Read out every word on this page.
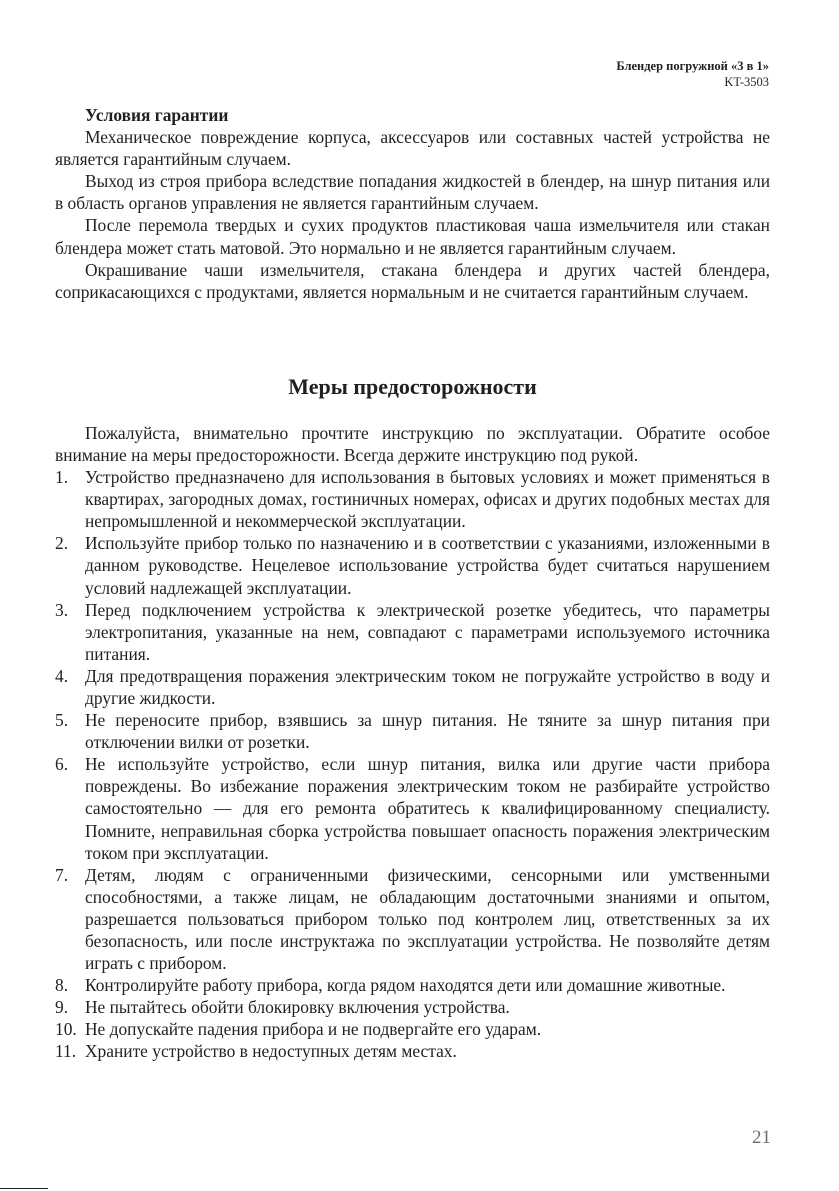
Блендер погружной «3 в 1»
KT-3503
Условия гарантии

Механическое повреждение корпуса, аксессуаров или составных частей устройства не является гарантийным случаем.

Выход из строя прибора вследствие попадания жидкостей в блендер, на шнур питания или в область органов управления не является гарантийным случаем.

После перемола твердых и сухих продуктов пластиковая чаша измельчителя или стакан блендера может стать матовой. Это нормально и не является гарантийным случаем.

Окрашивание чаши измельчителя, стакана блендера и других частей блендера, соприкасающихся с продуктами, является нормальным и не считается гарантийным случаем.

Меры предосторожности

Пожалуйста, внимательно прочтите инструкцию по эксплуатации. Обратите особое внимание на меры предосторожности. Всегда держите инструкцию под рукой.

1. Устройство предназначено для использования в бытовых условиях и может применяться в квартирах, загородных домах, гостиничных номерах, офисах и других подобных местах для непромышленной и некоммерческой эксплуатации.
2. Используйте прибор только по назначению и в соответствии с указаниями, изложенными в данном руководстве. Нецелевое использование устройства будет считаться нарушением условий надлежащей эксплуатации.
3. Перед подключением устройства к электрической розетке убедитесь, что параметры электропитания, указанные на нем, совпадают с параметрами используемого источника питания.
4. Для предотвращения поражения электрическим током не погружайте устройство в воду и другие жидкости.
5. Не переносите прибор, взявшись за шнур питания. Не тяните за шнур питания при отключении вилки от розетки.
6. Не используйте устройство, если шнур питания, вилка или другие части прибора повреждены. Во избежание поражения электрическим током не разбирайте устройство самостоятельно — для его ремонта обратитесь к квалифицированному специалисту. Помните, неправильная сборка устройства повышает опасность поражения электрическим током при эксплуатации.
7. Детям, людям с ограниченными физическими, сенсорными или умственными способностями, а также лицам, не обладающим достаточными знаниями и опытом, разрешается пользоваться прибором только под контролем лиц, ответственных за их безопасность, или после инструктажа по эксплуатации устройства. Не позволяйте детям играть с прибором.
8. Контролируйте работу прибора, когда рядом находятся дети или домашние животные.
9. Не пытайтесь обойти блокировку включения устройства.
10. Не допускайте падения прибора и не подвергайте его ударам.
11. Храните устройство в недоступных детям местах.
21
